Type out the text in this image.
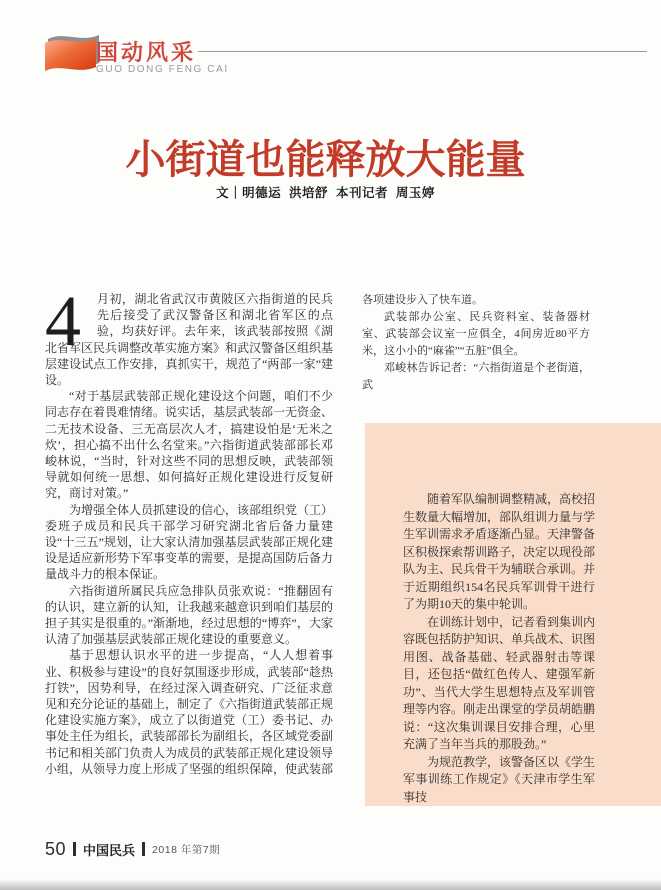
国动风采
GUO DONG FENG CAI
小街道也能释放大能量
文｜明德运  洪培舒  本刊记者  周玉婷

4	月初，湖北省武汉市黄陂区六指街道的民兵先后接受了武汉警备区和湖北省军区的点验，均获好评。去年来，该武装部按照《湖北省军区民兵调整改革实施方案》和武汉警备区组织基层建设试点工作安排，真抓实干，规范了“两部一家”建设。

“对于基层武装部正规化建设这个问题，咱们不少同志存在着畏难情绪。说实话，基层武装部一无资金、二无技术设备、三无高层次人才，搞建设怕是‘无米之炊’，担心搞不出什么名堂来。”六指街道武装部部长邓峻林说，“当时，针对这些不同的思想反映，武装部领导就如何统一思想、如何搞好正规化建设进行反复研究，商讨对策。”

为增强全体人员抓建设的信心，该部组织党（工）委班子成员和民兵干部学习研究湖北省后备力量建设“十三五”规划，让大家认清加强基层武装部正规化建设是适应新形势下军事变革的需要，是提高国防后备力量战斗力的根本保证。

六指街道所属民兵应急排队员张欢说：“推翻固有的认识，建立新的认知，让我越来越意识到咱们基层的担子其实是很重的。”渐渐地，经过思想的“博弈”，大家认清了加强基层武装部正规化建设的重要意义。

基于思想认识水平的进一步提高，“人人想着事业、积极参与建设”的良好氛围逐步形成，武装部“趁热打铁”，因势利导，在经过深入调查研究、广泛征求意见和充分论证的基础上，制定了《六指街道武装部正规化建设实施方案》，成立了以街道党（工）委书记、办事处主任为组长，武装部部长为副组长，各区域党委副书记和相关部门负责人为成员的武装部正规化建设领导小组，从领导力度上形成了坚强的组织保障，使武装部

各项建设步入了快车道。

武装部办公室、民兵资料室、装备器材室、武装部会议室一应俱全，4间房近80平方米，这小小的“麻雀”“五脏”俱全。

邓峻林告诉记者：“六指街道是个老街道，武

随着军队编制调整精减，高校招生数量大幅增加，部队组训力量与学生军训需求矛盾逐渐凸显。天津警备区积极探索帮训路子，决定以现役部队为主、民兵骨干为辅联合承训。并于近期组织154名民兵军训骨干进行了为期10天的集中轮训。

在训练计划中，记者看到集训内容既包括防护知识、单兵战术、识图用图、战备基础、轻武器射击等课目，还包括“做红色传人、建强军新功”、当代大学生思想特点及军训管理等内容。刚走出课堂的学员胡皓鹏说：“这次集训课目安排合理，心里充满了当年当兵的那股劲。”

为规范教学，该警备区以《学生军事训练工作规定》《天津市学生军事技

50 中国民兵 2018 年第7期
